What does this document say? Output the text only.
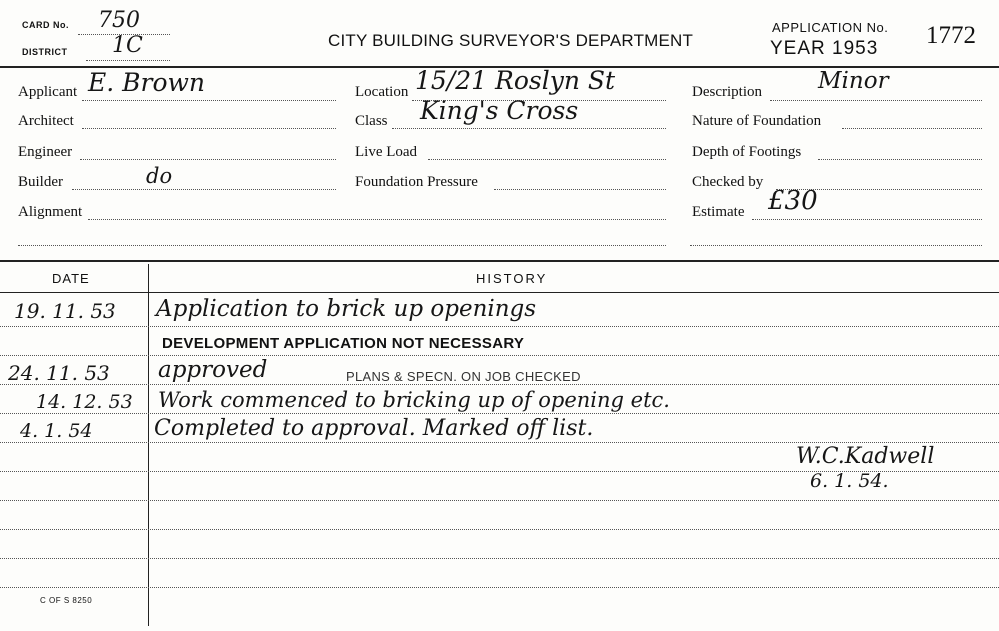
CARD No. 750
DISTRICT 1C	CITY BUILDING SURVEYOR'S DEPARTMENT
APPLICATION No.
YEAR 1953 1772
Applicant E. Brown
Architect
Engineer
Builder	do
Alignment
Location 15/21 Roslyn St
Class King's Cross
Live Load
Foundation Pressure
Description Minor
Nature of Foundation
Depth of Footings
Checked by
Estimate £30
DATE	HISTORY
19. 11. 53 Application to brick up openings
DEVELOPMENT APPLICATION NOT NECESSARY
24. 11. 53 approved	PLANS & SPECN. ON JOB CHECKED
14. 12. 53 Work commenced to bricking up of opening etc.
4. 1. 54	Completed to approval. Marked off list.
W.C.Kadwell
6. 1. 54.
C OF S 8250
